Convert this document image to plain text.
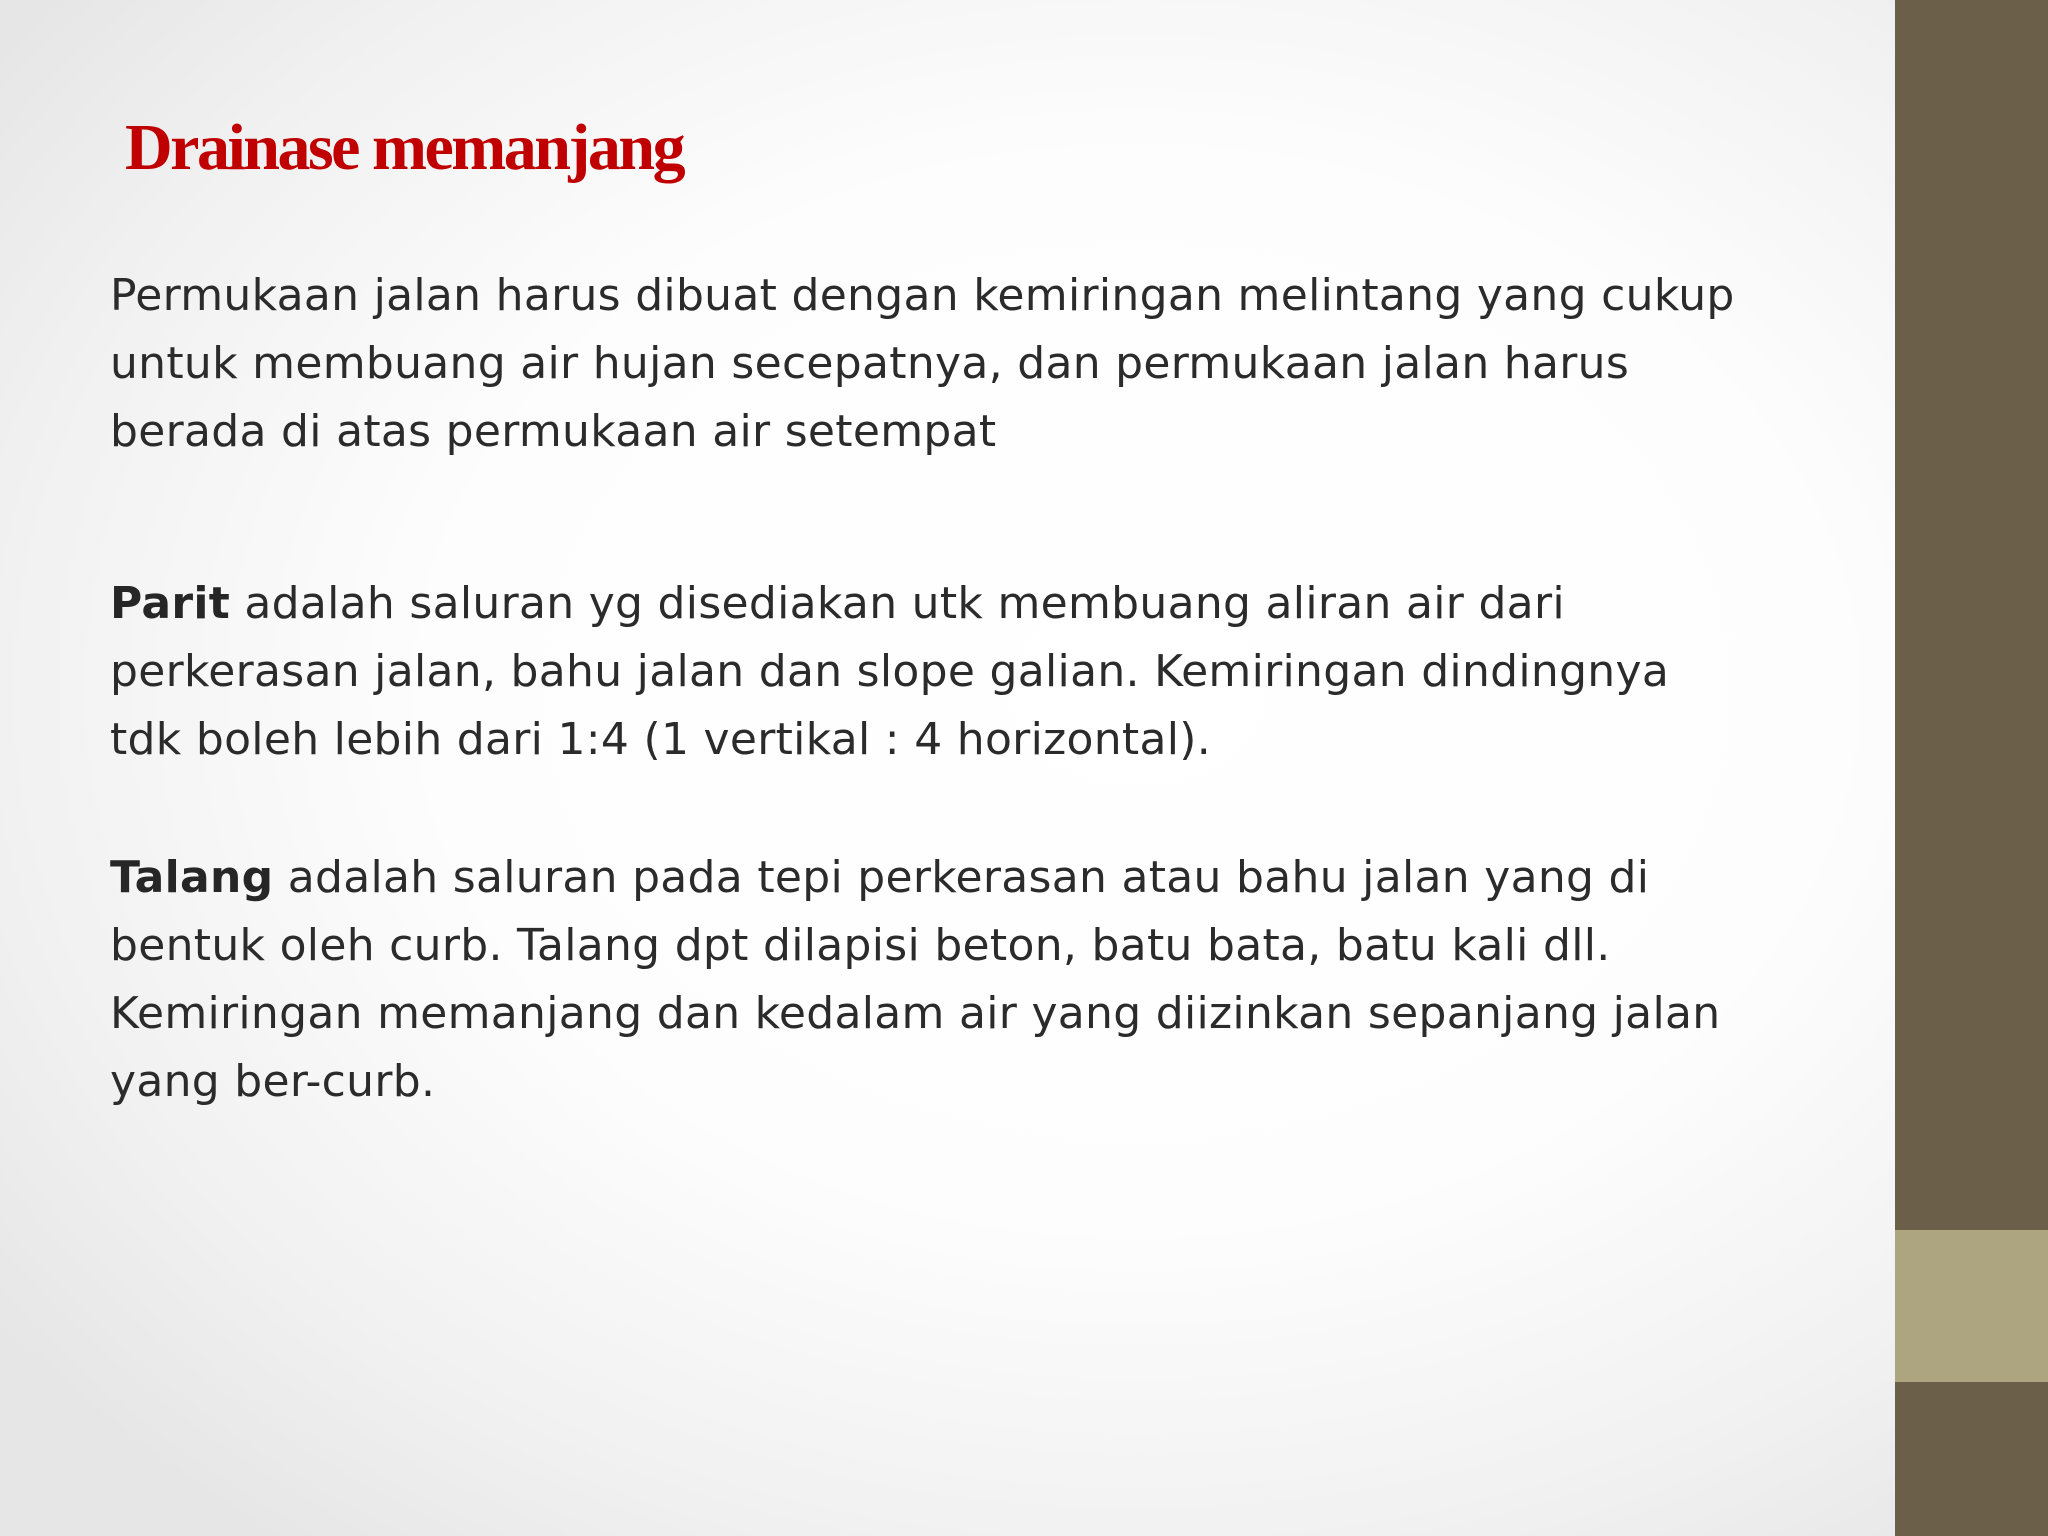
Drainase memanjang

Permukaan jalan harus dibuat dengan kemiringan melintang yang cukup untuk membuang air hujan secepatnya, dan permukaan jalan harus berada di atas permukaan air setempat

Parit adalah saluran yg disediakan utk membuang aliran air dari perkerasan jalan, bahu jalan dan slope galian. Kemiringan dindingnya tdk boleh lebih dari 1:4 (1 vertikal : 4 horizontal).

Talang adalah saluran pada tepi perkerasan atau bahu jalan yang di bentuk oleh curb. Talang dpt dilapisi beton, batu bata, batu kali dll. Kemiringan memanjang dan kedalam air yang diizinkan sepanjang jalan yang ber-curb.
